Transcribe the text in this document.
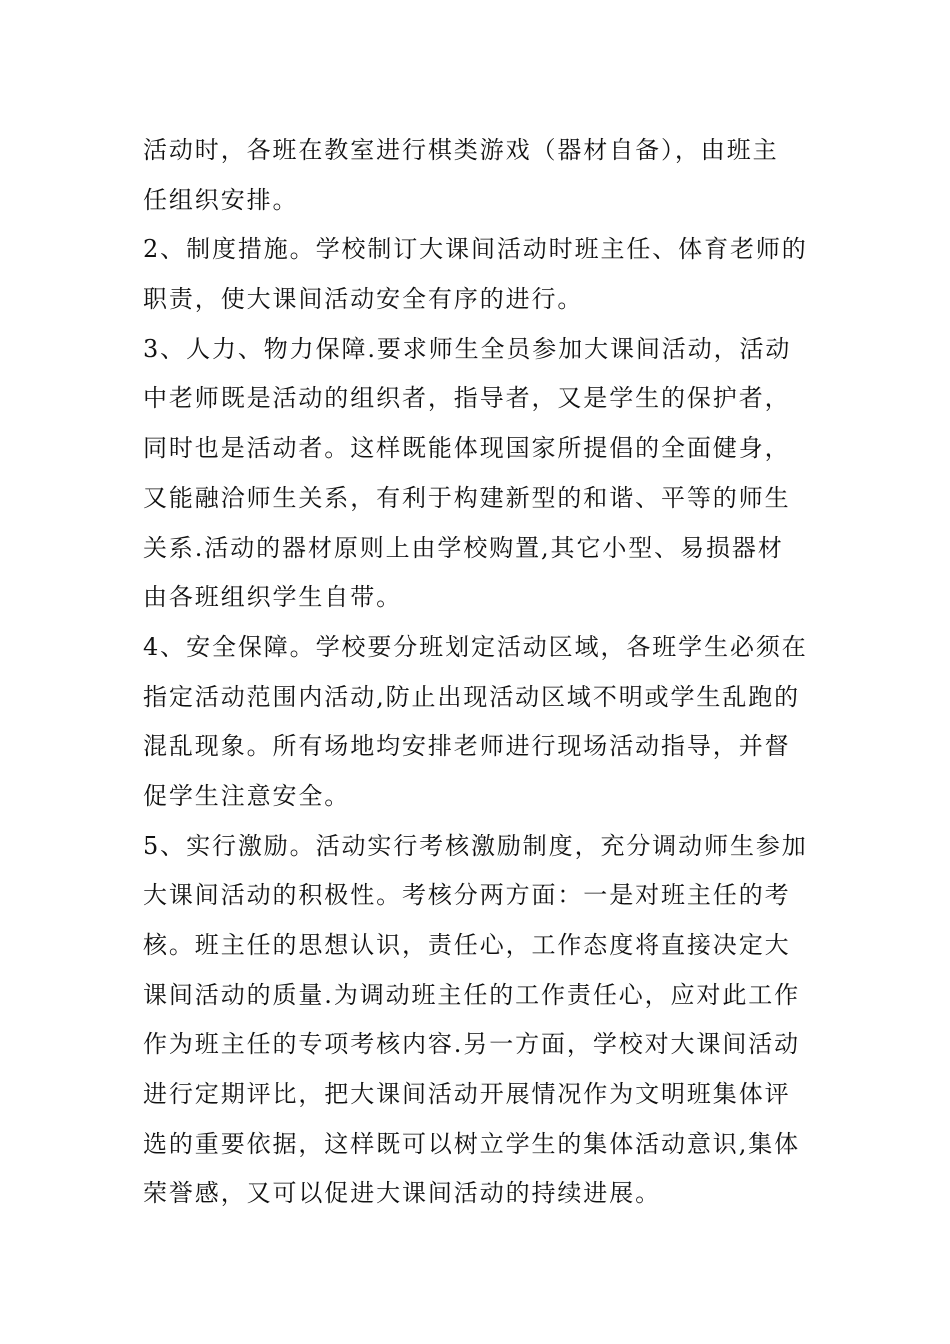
活动时，各班在教室进行棋类游戏（器材自备），由班主
任组织安排。
2、制度措施。学校制订大课间活动时班主任、体育老师的
职责，使大课间活动安全有序的进行。
3、人力、物力保障.要求师生全员参加大课间活动，活动
中老师既是活动的组织者，指导者，又是学生的保护者，
同时也是活动者。这样既能体现国家所提倡的全面健身，
又能融洽师生关系，有利于构建新型的和谐、平等的师生
关系.活动的器材原则上由学校购置,其它小型、易损器材
由各班组织学生自带。
4、安全保障。学校要分班划定活动区域，各班学生必须在
指定活动范围内活动,防止出现活动区域不明或学生乱跑的
混乱现象。所有场地均安排老师进行现场活动指导，并督
促学生注意安全。
5、实行激励。活动实行考核激励制度，充分调动师生参加
大课间活动的积极性。考核分两方面：一是对班主任的考
核。班主任的思想认识，责任心，工作态度将直接决定大
课间活动的质量.为调动班主任的工作责任心，应对此工作
作为班主任的专项考核内容.另一方面，学校对大课间活动
进行定期评比，把大课间活动开展情况作为文明班集体评
选的重要依据，这样既可以树立学生的集体活动意识,集体
荣誉感，又可以促进大课间活动的持续进展。
